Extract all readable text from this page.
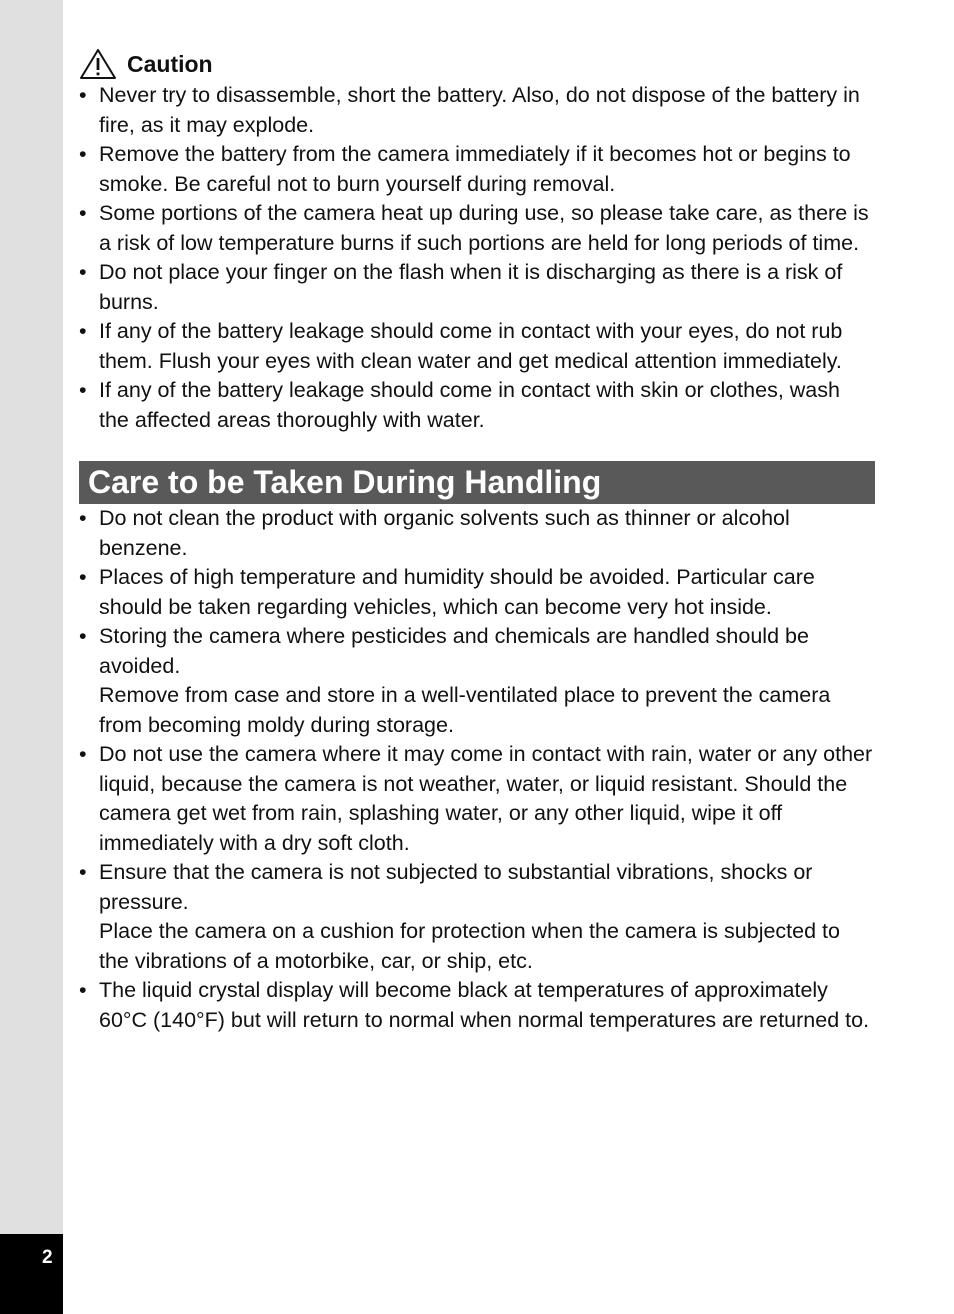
2
Caution
• Never try to disassemble, short the battery. Also, do not dispose of the battery in fire, as it may explode.
• Remove the battery from the camera immediately if it becomes hot or begins to smoke. Be careful not to burn yourself during removal.
• Some portions of the camera heat up during use, so please take care, as there is a risk of low temperature burns if such portions are held for long periods of time.
• Do not place your finger on the flash when it is discharging as there is a risk of burns.
• If any of the battery leakage should come in contact with your eyes, do not rub them. Flush your eyes with clean water and get medical attention immediately.
• If any of the battery leakage should come in contact with skin or clothes, wash the affected areas thoroughly with water.
Care to be Taken During Handling
• Do not clean the product with organic solvents such as thinner or alcohol benzene.
• Places of high temperature and humidity should be avoided. Particular care should be taken regarding vehicles, which can become very hot inside.
• Storing the camera where pesticides and chemicals are handled should be avoided.
Remove from case and store in a well-ventilated place to prevent the camera from becoming moldy during storage.
• Do not use the camera where it may come in contact with rain, water or any other liquid, because the camera is not weather, water, or liquid resistant. Should the camera get wet from rain, splashing water, or any other liquid, wipe it off immediately with a dry soft cloth.
• Ensure that the camera is not subjected to substantial vibrations, shocks or pressure.
Place the camera on a cushion for protection when the camera is subjected to the vibrations of a motorbike, car, or ship, etc.
• The liquid crystal display will become black at temperatures of approximately 60°C (140°F) but will return to normal when normal temperatures are returned to.
